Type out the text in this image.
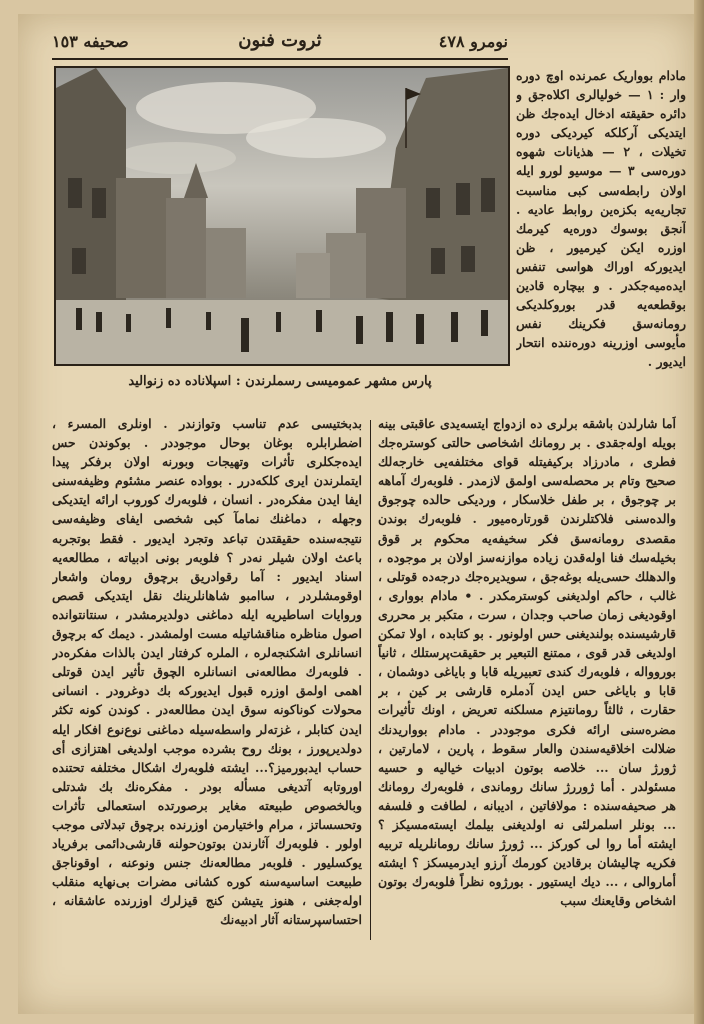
نومرو ٤٧٨
ثروت فنون
صحيفه ١٥٣
پارس مشهر عمومیسی رسملرندن : اسپلاناده ده زنوالید

مادام بوواریک عمرنده اوچ دوره وار : ١ — خولیالری اکلاه‌جق و دائره حقیقته ادخال ایده‌جك ظن ایتدیکی آرکلکه کیردیکی دوره تخیلات ، ٢ — هذیانات شهوه دوره‌سی ٣ — موسیو لورو ایله اولان رابطه‌سی کبی مناسبت تجاریه‌یه بکزه‌ین روابط عادیه . آنجق بوسوك دوره‌یه کیرمك اوزره ایکن کیرمیور ، ظن ایدیورکه اوراك هواسی تنفس ایده‌میه‌جکدر . و بیچاره قادین بوقطعه‌یه قدر بوروکلدیکی رومانه‌سق فکرینك نفس مأیوسی اوزرینه دوره‌ننده انتحار ایدیور .

اَما شارلدن باشقه برلری ده ازدواج ایتسه‌یدی عاقبتی بینه بویله اوله‌جقدی . بر رومانك اشخاصی حالتی کوستره‌جك فطری ، مادرزاد برکیفیتله قوای مختلفه‌یی خارجه‌لك صحیح وتام بر محصله‌سی اولمق لازمدر . فلوبه‌رك آماهه بر چوجوق ، بر طفل خلاسکار ، وردیکی حالده چوجوق والده‌سنی فلاکتلرندن قورتاره‌میور . فلوبه‌رك بوندن مقصدی رومانه‌سق فکر سخیفه‌یه محکوم بر قوق بخیله‌سك فنا اوله‌قدن زیاده موازنه‌سز اولان بر موجوده ، والدهلك حسی‌یله بوغه‌جق ، سویدیره‌جك درجه‌ده قوتلی ، غالب ، حاکم اولدیغنی کوسترمکدر . • مادام بوواری ، اوقودیغی زمان صاحب وجدان ، سرت ، متکبر بر محرری قارشیسنده بولندیغنی حس اولونور . بو کتابده ، اولا تمکن اولدیغی قدر قوی ، ممتنع التبعیر بر حقیقت‌پرستلك ، ثانیاً بوروواله ، فلوبه‌رك کندی تعبیریله قابا و بایاغی دوشمان ، قابا و بایاغی حس ایدن آدملره قارشی بر کین ، بر حقارت ، ثالثاً رومانتیزم مسلکنه تعریض ، اونك تأثیرات مضره‌سنی ارائه فکری موجوددر . مادام بوواریدنك ضلالت اخلاقیه‌سندن والعار سقوط ، پارین ، لامارتین ، ژورژ سان ... خلاصه بوتون ادبیات خیالیه و حسیه مسئولدر . أما ژوررژ سانك روماندی ، فلوبه‌رك رومانك هر صحیفه‌سنده : مولافاتین ، ادیبانه ، لطافت و فلسفه ... بونلر اسلمرلئی نه اولدیغنی بیلمك ایسته‌مسیکز ؟ ایشته أما روا لی کورکز ... ژورژ سانك رومانلریله تربیه فکریه چالیشان برقادین کورمك آرزو ایدرمیسکز ؟ ایشته أماروالی ، ... دیك ایستیور . بورژوه نظراً فلوبه‌رك بوتون اشخاص وقایعنك سبب

بدبختیسی عدم تناسب وتوازندر . اونلری المسرء ، اضطرابلره بوغان بوحال موجوددر . بوکوندن حس ایده‌جکلری تأثرات وتهیجات وبورنه اولان برفکر پیدا ایتملرندن ایری کلکه‌درر . بوواده عنصر مشئوم وظیفه‌سنی ایفا ایدن مفکره‌در . انسان ، فلوبه‌رك كوروب ارائه ایتدیکی وجهله ، دماغنك نمامآ کبی شخصی ایفای وظیفه‌سی نتیجه‌سنده حقیقتدن تباعد وتجرد ایدیور . فقط بوتجربه باعث اولان شیلر نه‌در ؟ فلوبه‌ر بونی ادبیاته ، مطالعه‌یه اسناد ایدیور : آما رقوادریق برچوق رومان واشعار اوقومشلردر ، ساامبو شاهانلرینك نقل ایتدیکی قصص وروایات اساطیریه ایله دماغنی دولدیرمشدر ، سنتانتوانده اصول مناظره مناقشاتیله مست اولمشدر . دیمك که برچوق انسانلری اشکنجه‌لره ، الملره کرفتار ایدن بالذات مفکره‌در . فلوبه‌رك مطالعه‌نی انسانلره الچوق تأثیر ایدن قوتلی اهمی اولمق اوزره قبول ایدیورکه بك دوغرودر . انسانی محولات کوناکونه سوق ایدن مطالعه‌در . کوندن کونه تکثر ایدن کتابلر ، غزته‌لر واسطه‌سیله دماغنی نوع‌نوع افکار ایله دولدیرپورز ، بونك روح بشرده موجب اولدیغی اهتزازی أی حساب ایدبورمیز؟... ایشته فلوبه‌رك اشکال مختلفه تحتنده اوروتابه آتدیغی مسأله بودر . مفکره‌نك بك شدتلی وبالخصوص طبیعته مغایر برصورتده استعمالی تأثرات وتحسساتز ، مرام واختیارمن اوزرنده برچوق تبدلاتی موجب اولور . فلوبه‌رك آثارندن بوتون‌حولنه قارشی‌دائمی برفریاد یوکسلیور . فلوبه‌ر مطالعه‌نك جنس ونوعنه ، اوقوناجق طبیعت اساسیه‌سنه کوره کشانی مضرات بی‌نهایه منقلب اوله‌جغنی ، هنوز یتیشن کنج قیزلرك اوزرنده عاشقانه ، احتساسپرستانه آثار ادبیه‌نك
